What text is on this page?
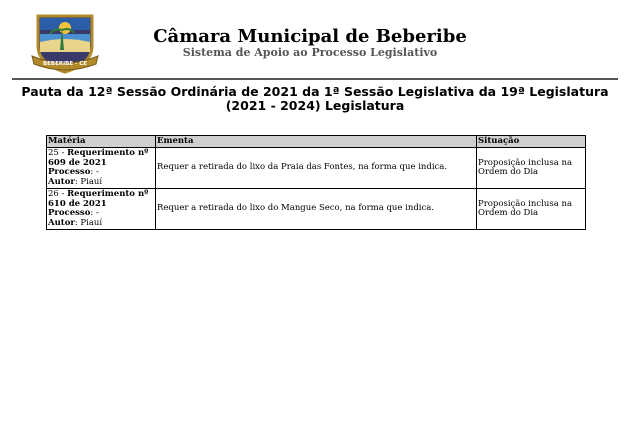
BEBERIBE - CE
Câmara Municipal de Beberibe
Sistema de Apoio ao Processo Legislativo
Pauta da 12ª Sessão Ordinária de 2021 da 1ª Sessão Legislativa da 19ª Legislatura (2021 - 2024) Legislatura
Matéria	Ementa	Situação
25 - Requerimento nº 609 de 2021
Processo: -
Autor: Piauí	Requer a retirada do lixo da Praia das Fontes, na forma que indica.	Proposição inclusa na Ordem do Dia
26 - Requerimento nº 610 de 2021
Processo: -
Autor: Piauí	Requer a retirada do lixo do Mangue Seco, na forma que indica.	Proposição inclusa na Ordem do Dia
